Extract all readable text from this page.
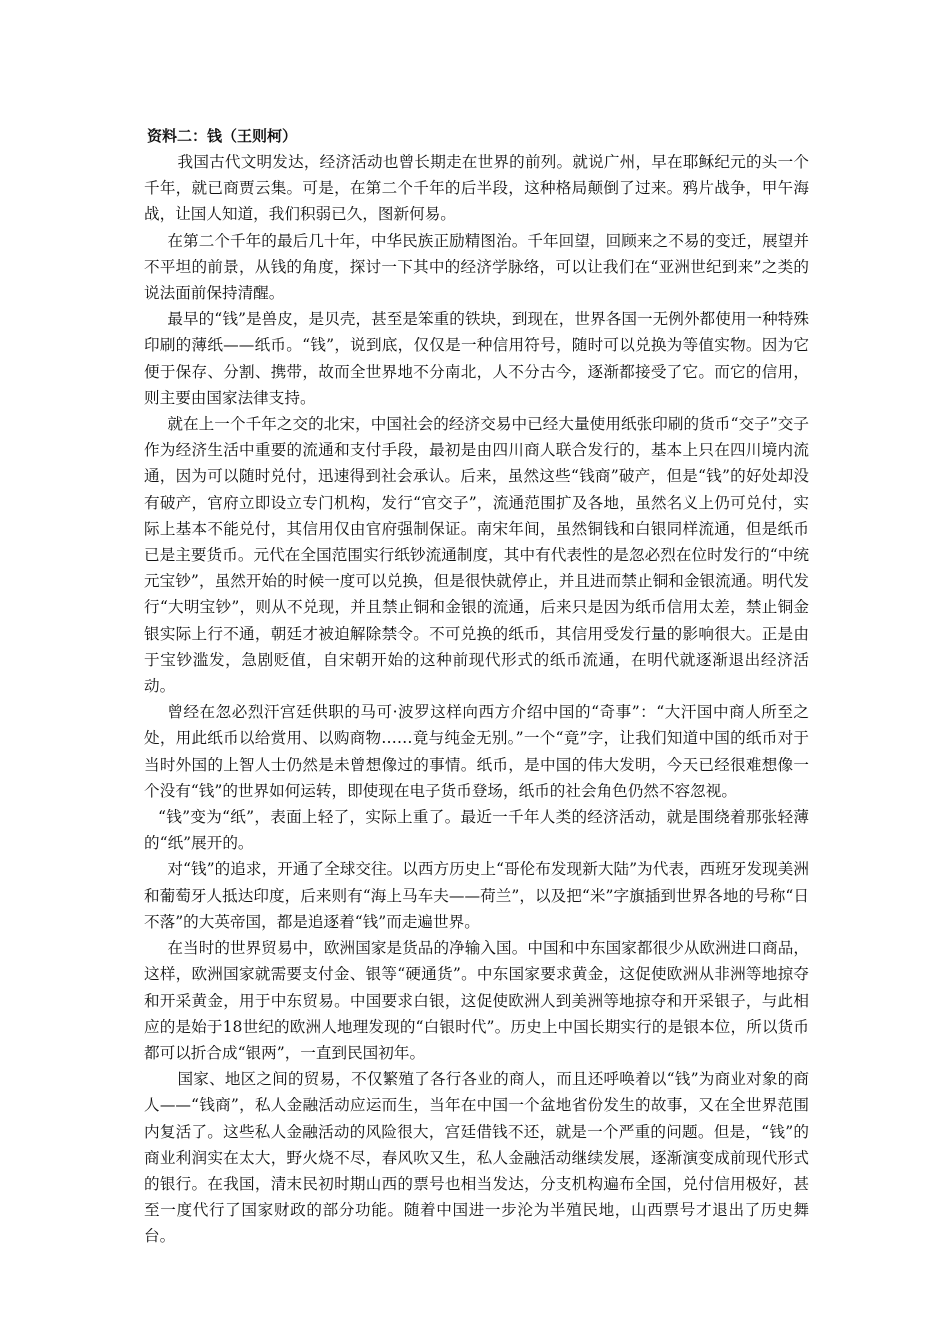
资料二：钱（王则柯）

我国古代文明发达，经济活动也曾长期走在世界的前列。就说广州，早在耶稣纪元的头一个千年，就已商贾云集。可是，在第二个千年的后半段，这种格局颠倒了过来。鸦片战争，甲午海战，让国人知道，我们积弱已久，图新何易。

在第二个千年的最后几十年，中华民族正励精图治。千年回望，回顾来之不易的变迁，展望并不平坦的前景，从钱的角度，探讨一下其中的经济学脉络，可以让我们在“亚洲世纪到来”之类的说法面前保持清醒。

最早的“钱”是兽皮，是贝壳，甚至是笨重的铁块，到现在，世界各国一无例外都使用一种特殊印刷的薄纸——纸币。“钱”，说到底，仅仅是一种信用符号，随时可以兑换为等值实物。因为它便于保存、分割、携带，故而全世界地不分南北，人不分古今，逐渐都接受了它。而它的信用，则主要由国家法律支持。

就在上一个千年之交的北宋，中国社会的经济交易中已经大量使用纸张印刷的货币“交子”交子作为经济生活中重要的流通和支付手段，最初是由四川商人联合发行的，基本上只在四川境内流通，因为可以随时兑付，迅速得到社会承认。后来，虽然这些“钱商”破产，但是“钱”的好处却没有破产，官府立即设立专门机构，发行“官交子”，流通范围扩及各地，虽然名义上仍可兑付，实际上基本不能兑付，其信用仅由官府强制保证。南宋年间，虽然铜钱和白银同样流通，但是纸币已是主要货币。元代在全国范围实行纸钞流通制度，其中有代表性的是忽必烈在位时发行的“中统元宝钞”，虽然开始的时候一度可以兑换，但是很快就停止，并且进而禁止铜和金银流通。明代发行“大明宝钞”，则从不兑现，并且禁止铜和金银的流通，后来只是因为纸币信用太差，禁止铜金银实际上行不通，朝廷才被迫解除禁令。不可兑换的纸币，其信用受发行量的影响很大。正是由于宝钞滥发，急剧贬值，自宋朝开始的这种前现代形式的纸币流通，在明代就逐渐退出经济活动。

曾经在忽必烈汗宫廷供职的马可·波罗这样向西方介绍中国的“奇事”：“大汗国中商人所至之处，用此纸币以给赏用、以购商物……竟与纯金无别。”一个“竟”字，让我们知道中国的纸币对于当时外国的上智人士仍然是未曾想像过的事情。纸币，是中国的伟大发明，今天已经很难想像一个没有“钱”的世界如何运转，即使现在电子货币登场，纸币的社会角色仍然不容忽视。

“钱”变为“纸”，表面上轻了，实际上重了。最近一千年人类的经济活动，就是围绕着那张轻薄的“纸”展开的。

对“钱”的追求，开通了全球交往。以西方历史上“哥伦布发现新大陆”为代表，西班牙发现美洲和葡萄牙人抵达印度，后来则有“海上马车夫——荷兰”，以及把“米”字旗插到世界各地的号称“日不落”的大英帝国，都是追逐着“钱”而走遍世界。

在当时的世界贸易中，欧洲国家是货品的净输入国。中国和中东国家都很少从欧洲进口商品，这样，欧洲国家就需要支付金、银等“硬通货”。中东国家要求黄金，这促使欧洲从非洲等地掠夺和开采黄金，用于中东贸易。中国要求白银，这促使欧洲人到美洲等地掠夺和开采银子，与此相应的是始于18世纪的欧洲人地理发现的“白银时代”。历史上中国长期实行的是银本位，所以货币都可以折合成“银两”，一直到民国初年。

国家、地区之间的贸易，不仅繁殖了各行各业的商人，而且还呼唤着以“钱”为商业对象的商人——“钱商”，私人金融活动应运而生，当年在中国一个盆地省份发生的故事，又在全世界范围内复活了。这些私人金融活动的风险很大，宫廷借钱不还，就是一个严重的问题。但是，“钱”的商业利润实在太大，野火烧不尽，春风吹又生，私人金融活动继续发展，逐渐演变成前现代形式的银行。在我国，清末民初时期山西的票号也相当发达，分支机构遍布全国，兑付信用极好，甚至一度代行了国家财政的部分功能。随着中国进一步沦为半殖民地，山西票号才退出了历史舞台。
